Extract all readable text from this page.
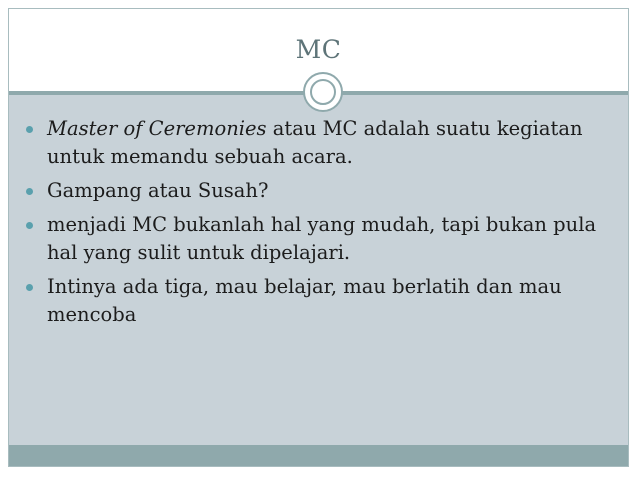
MC
Master of Ceremonies atau MC adalah suatu kegiatan untuk memandu sebuah acara.
Gampang atau Susah?
menjadi MC bukanlah hal yang mudah, tapi bukan pula hal yang sulit untuk dipelajari.
Intinya ada tiga, mau belajar, mau berlatih dan mau mencoba
